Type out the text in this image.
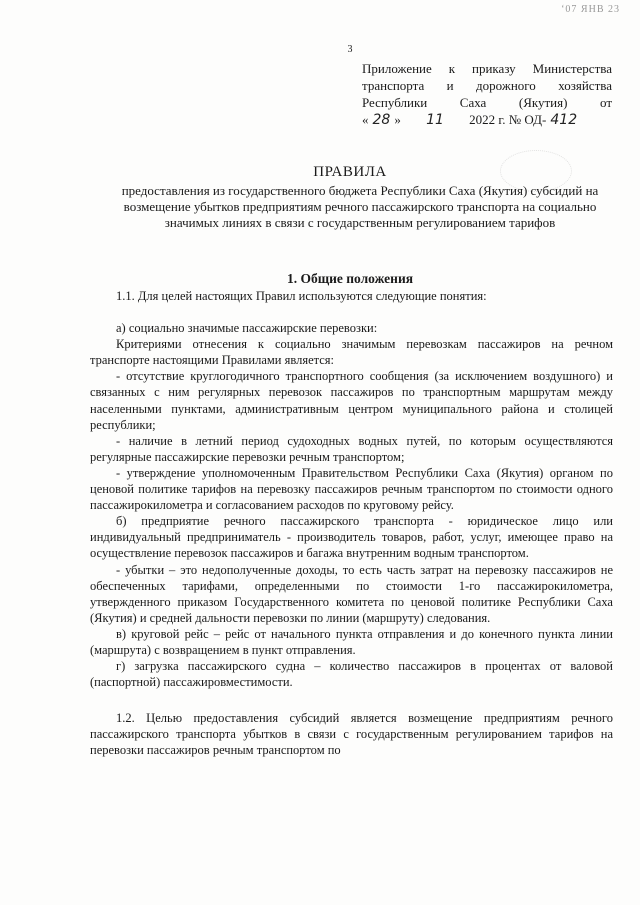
ʻ07 ЯНВ 23
3
Приложение к приказу Министерства
транспорта и дорожного хозяйства
Республики Саха (Якутия) от
« 28 » 11 2022 г. № ОД- 412
ПРАВИЛА
предоставления из государственного бюджета Республики Саха (Якутия) субсидий на возмещение убытков предприятиям речного пассажирского транспорта на социально значимых линиях в связи с государственным регулированием тарифов
1. Общие положения

1.1. Для целей настоящих Правил используются следующие понятия:

а) социально значимые пассажирские перевозки:

Критериями отнесения к социально значимым перевозкам пассажиров на речном транспорте настоящими Правилами является:

- отсутствие круглогодичного транспортного сообщения (за исключением воздушного) и связанных с ним регулярных перевозок пассажиров по транспортным маршрутам между населенными пунктами, административным центром муниципального района и столицей республики;

- наличие в летний период судоходных водных путей, по которым осуществляются регулярные пассажирские перевозки речным транспортом;

- утверждение уполномоченным Правительством Республики Саха (Якутия) органом по ценовой политике тарифов на перевозку пассажиров речным транспортом по стоимости одного пассажирокилометра и согласованием расходов по круговому рейсу.

б) предприятие речного пассажирского транспорта - юридическое лицо или индивидуальный предприниматель - производитель товаров, работ, услуг, имеющее право на осуществление перевозок пассажиров и багажа внутренним водным транспортом.

- убытки – это недополученные доходы, то есть часть затрат на перевозку пассажиров не обеспеченных тарифами, определенными по стоимости 1-го пассажирокилометра, утвержденного приказом Государственного комитета по ценовой политике Республики Саха (Якутия) и средней дальности перевозки по линии (маршруту) следования.

в) круговой рейс – рейс от начального пункта отправления и до конечного пункта линии (маршрута) с возвращением в пункт отправления.

г) загрузка пассажирского судна – количество пассажиров в процентах от валовой (паспортной) пассажировместимости.

1.2. Целью предоставления субсидий является возмещение предприятиям речного пассажирского транспорта убытков в связи с государственным регулированием тарифов на перевозки пассажиров речным транспортом по
